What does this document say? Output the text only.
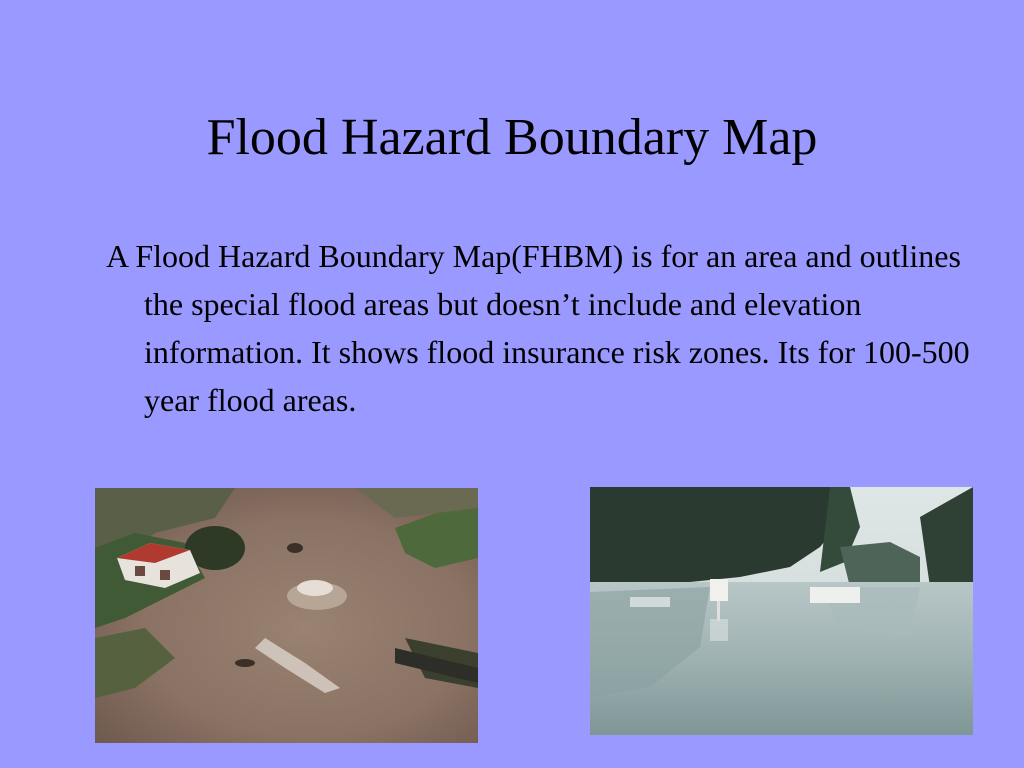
Flood Hazard Boundary Map

A Flood Hazard Boundary Map(FHBM) is for an area and outlines the special flood areas but doesn’t include and elevation information. It shows flood insurance risk zones. Its for 100-500 year flood areas.
